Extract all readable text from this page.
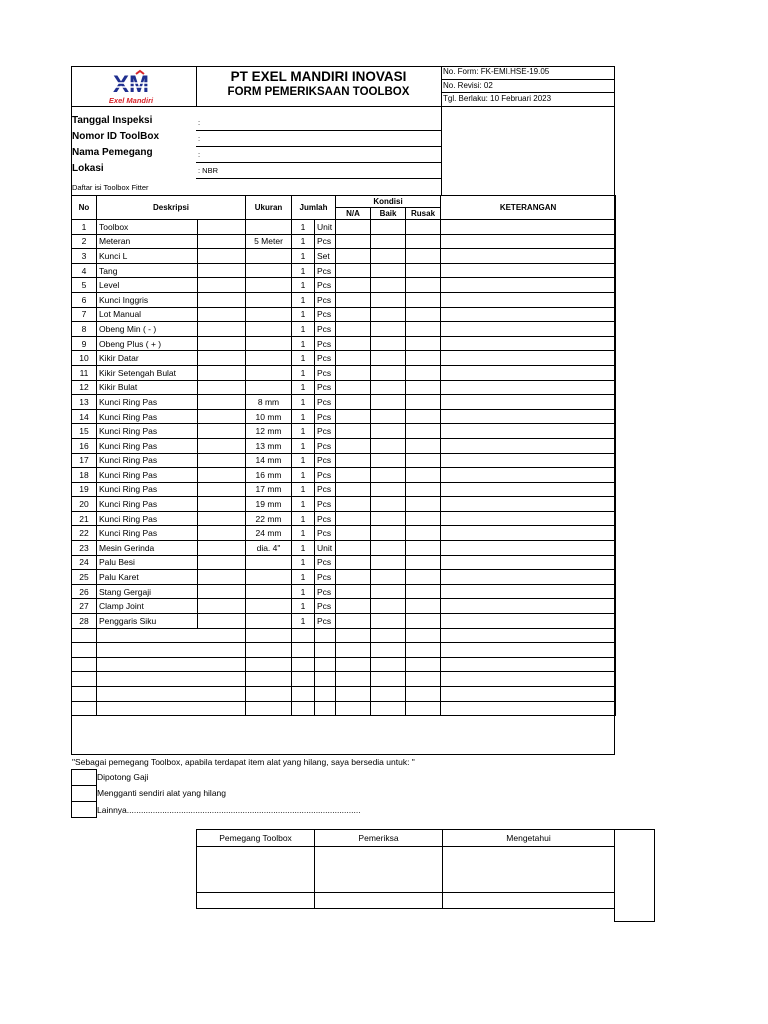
XM
Exel Mandiri
PT EXEL MANDIRI INOVASI
FORM PEMERIKSAAN TOOLBOX
No. Form: FK-EMI.HSE-19.05
No. Revisi: 02
Tgl. Berlaku: 10 Februari 2023
Tanggal Inspeksi	:
Nomor ID ToolBox	:
Nama Pemegang	:
Lokasi	: NBR
Daftar isi Toolbox Fitter
No	Deskripsi		Ukuran	Jumlah		Kondisi			KETERANGAN
						N/A	Baik	Rusak	
1	Toolbox			1	Unit				
2	Meteran		5 Meter	1	Pcs				
3	Kunci L			1	Set				
4	Tang			1	Pcs				
5	Level			1	Pcs				
6	Kunci Inggris			1	Pcs				
7	Lot Manual			1	Pcs				
8	Obeng Min ( - )			1	Pcs				
9	Obeng Plus ( + )			1	Pcs				
10	Kikir Datar			1	Pcs				
11	Kikir Setengah Bulat			1	Pcs				
12	Kikir Bulat			1	Pcs				
13	Kunci Ring Pas		8 mm	1	Pcs				
14	Kunci Ring Pas		10 mm	1	Pcs				
15	Kunci Ring Pas		12 mm	1	Pcs				
16	Kunci Ring Pas		13 mm	1	Pcs				
17	Kunci Ring Pas		14 mm	1	Pcs				
18	Kunci Ring Pas		16 mm	1	Pcs				
19	Kunci Ring Pas		17 mm	1	Pcs				
20	Kunci Ring Pas		19 mm	1	Pcs				
21	Kunci Ring Pas		22 mm	1	Pcs				
22	Kunci Ring Pas		24 mm	1	Pcs				
23	Mesin Gerinda		dia. 4"	1	Unit				
24	Palu Besi			1	Pcs				
25	Palu Karet			1	Pcs				
26	Stang Gergaji			1	Pcs				
27	Clamp Joint			1	Pcs				
28	Penggaris Siku			1	Pcs				

"Sebagai pemegang Toolbox, apabila terdapat item alat yang hilang, saya bersedia untuk: "
Dipotong Gaji
Mengganti sendiri alat yang hilang
Lainnya...................................................................................................
Pemegang Toolbox	Pemeriksa	Mengetahui
